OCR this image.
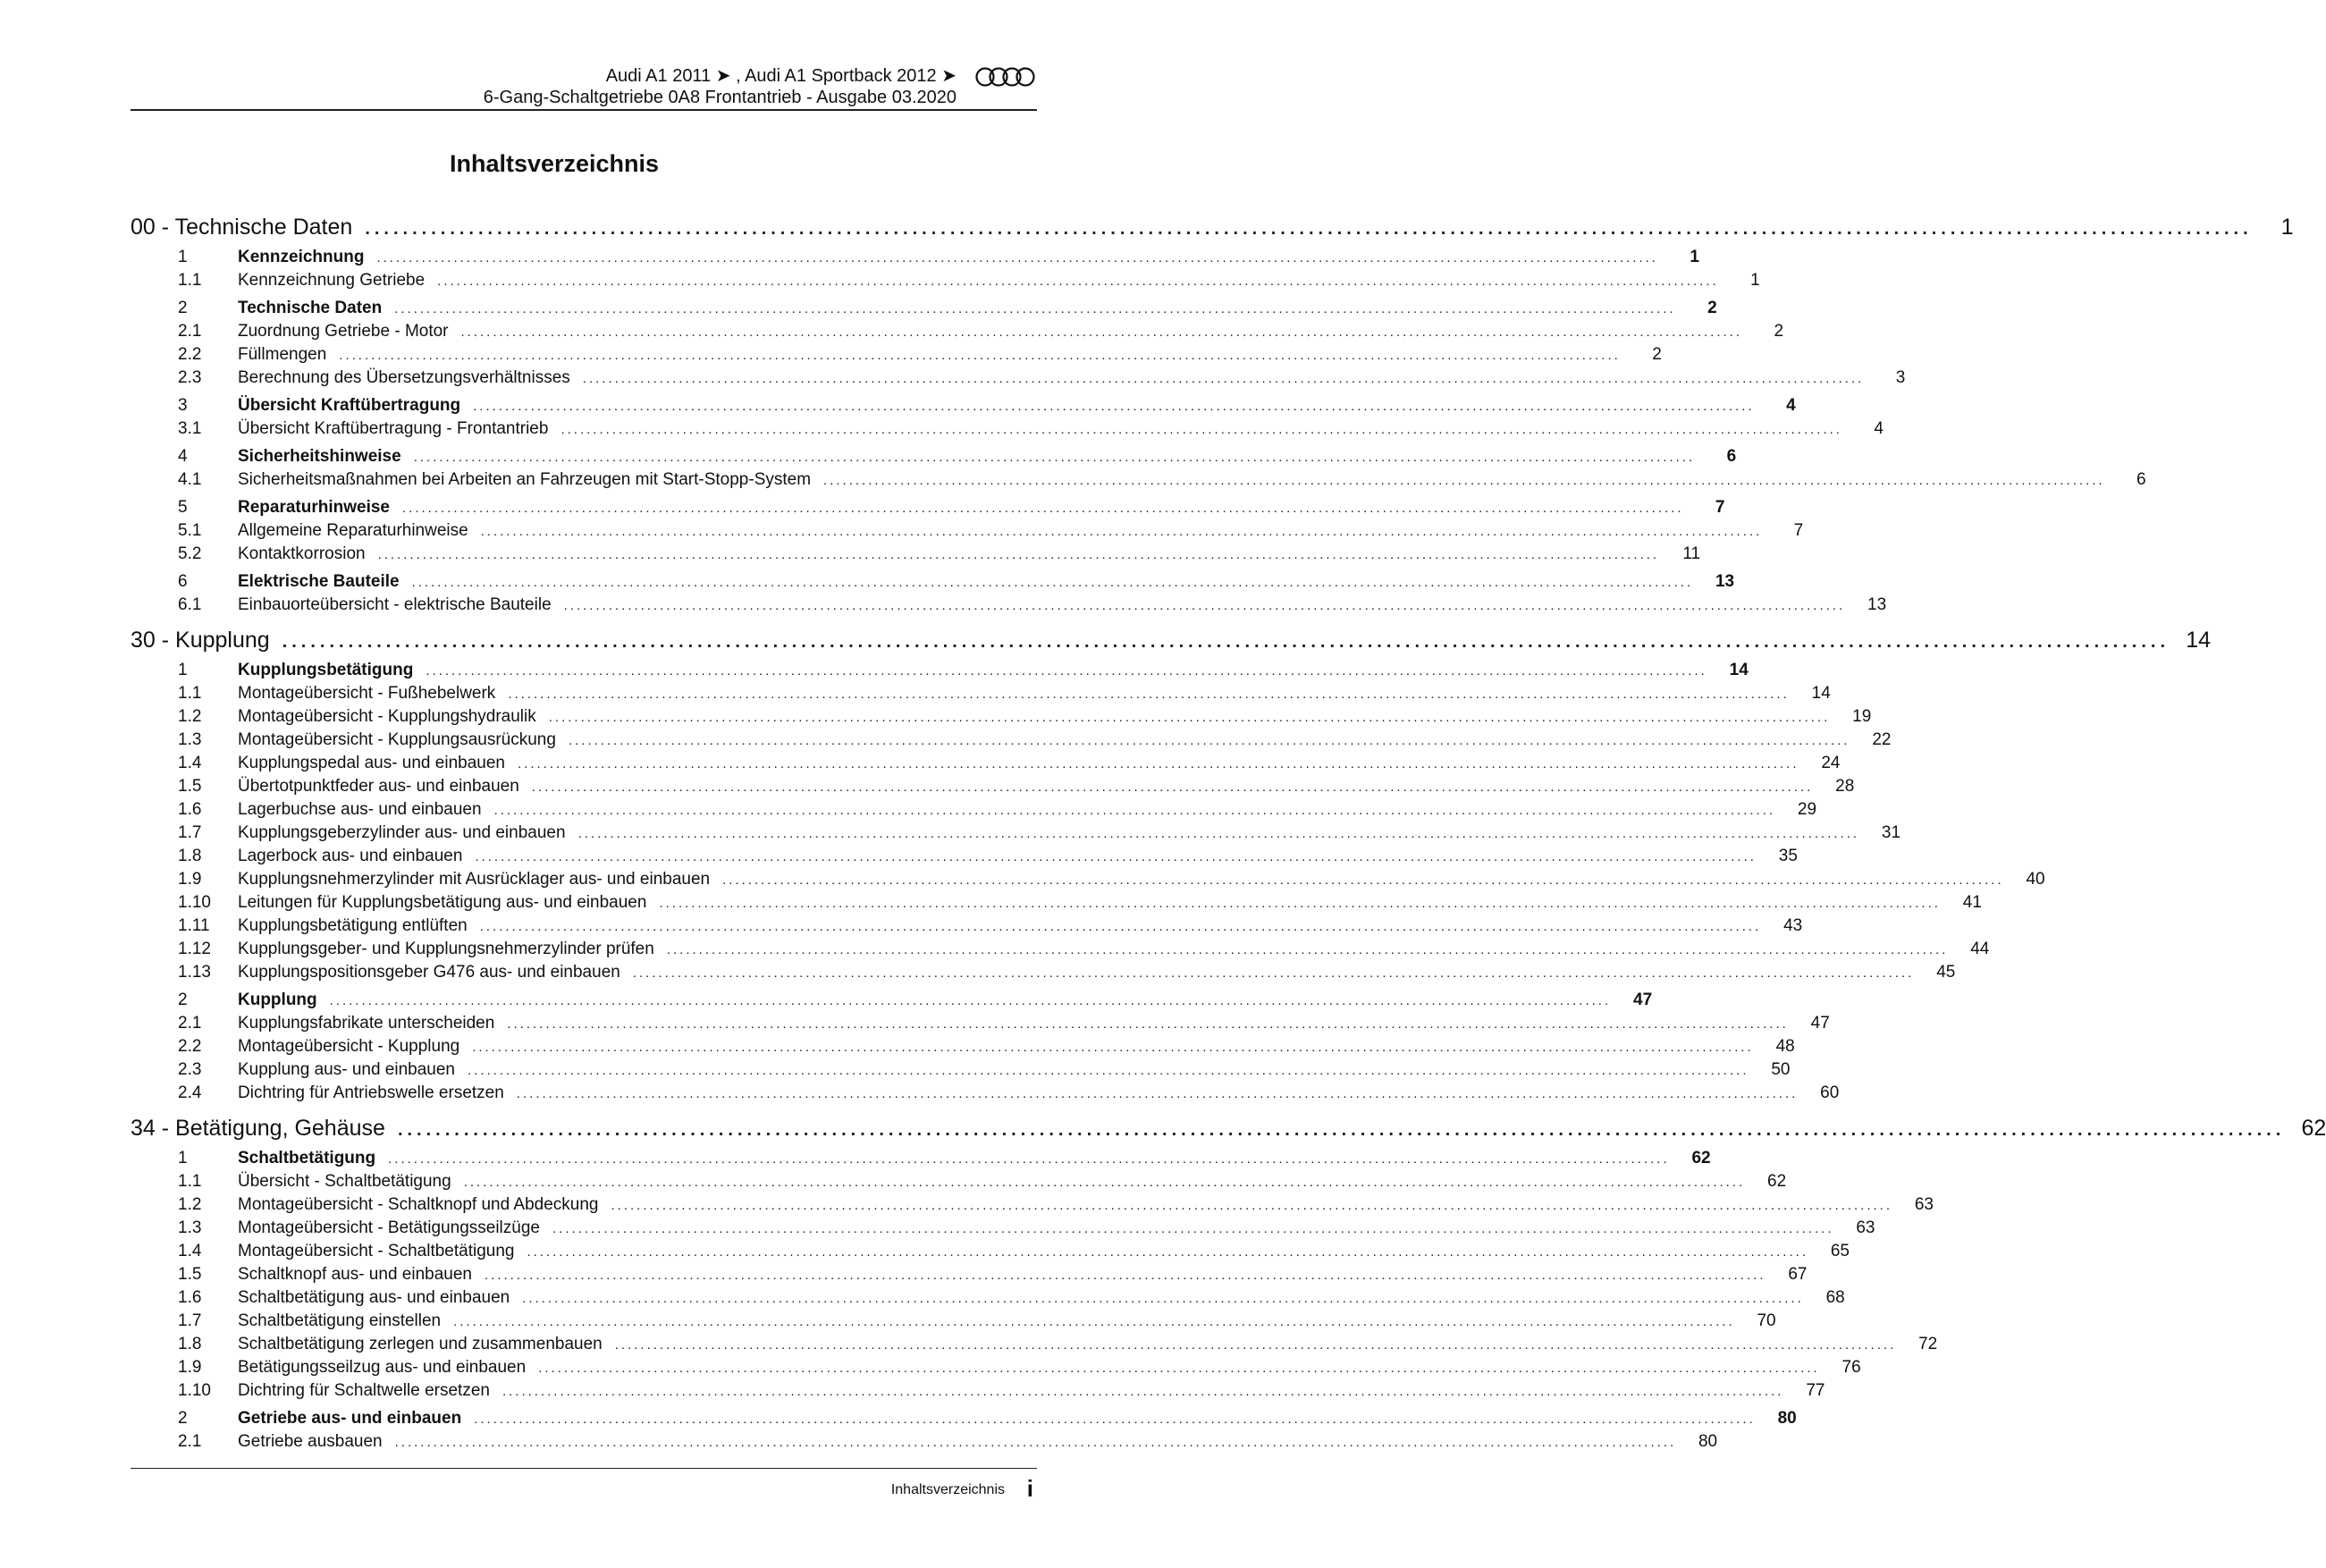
Audi A1 2011 ➤ , Audi A1 Sportback 2012 ➤
6-Gang-Schaltgetriebe 0A8 Frontantrieb - Ausgabe 03.2020
Inhaltsverzeichnis
00 - Technische Daten ........................................................................................................................................................................................................	1
1	Kennzeichnung ........................................................................................................................................................................................................	1
1.1	Kennzeichnung Getriebe ........................................................................................................................................................................................................	1
2	Technische Daten ........................................................................................................................................................................................................	2
2.1	Zuordnung Getriebe - Motor ........................................................................................................................................................................................................	2
2.2	Füllmengen ........................................................................................................................................................................................................	2
2.3	Berechnung des Übersetzungsverhältnisses ........................................................................................................................................................................................................	3
3	Übersicht Kraftübertragung ........................................................................................................................................................................................................	4
3.1	Übersicht Kraftübertragung - Frontantrieb ........................................................................................................................................................................................................	4
4	Sicherheitshinweise ........................................................................................................................................................................................................	6
4.1	Sicherheitsmaßnahmen bei Arbeiten an Fahrzeugen mit Start-Stopp-System ........................................................................................................................................................................................................	6
5	Reparaturhinweise ........................................................................................................................................................................................................	7
5.1	Allgemeine Reparaturhinweise ........................................................................................................................................................................................................	7
5.2	Kontaktkorrosion ........................................................................................................................................................................................................	11
6	Elektrische Bauteile ........................................................................................................................................................................................................	13
6.1	Einbauorteübersicht - elektrische Bauteile ........................................................................................................................................................................................................	13
30 - Kupplung ........................................................................................................................................................................................................ 14
1	Kupplungsbetätigung ........................................................................................................................................................................................................	14
1.1	Montageübersicht - Fußhebelwerk ........................................................................................................................................................................................................	14
1.2	Montageübersicht - Kupplungshydraulik ........................................................................................................................................................................................................	19
1.3	Montageübersicht - Kupplungsausrückung ........................................................................................................................................................................................................	22
1.4	Kupplungspedal aus- und einbauen ........................................................................................................................................................................................................	24
1.5	Übertotpunktfeder aus- und einbauen ........................................................................................................................................................................................................	28
1.6	Lagerbuchse aus- und einbauen ........................................................................................................................................................................................................	29
1.7	Kupplungsgeberzylinder aus- und einbauen ........................................................................................................................................................................................................	31
1.8	Lagerbock aus- und einbauen ........................................................................................................................................................................................................	35
1.9	Kupplungsnehmerzylinder mit Ausrücklager aus- und einbauen ........................................................................................................................................................................................................	40
1.10	Leitungen für Kupplungsbetätigung aus- und einbauen ........................................................................................................................................................................................................	41
1.11	Kupplungsbetätigung entlüften ........................................................................................................................................................................................................	43
1.12	Kupplungsgeber- und Kupplungsnehmerzylinder prüfen ........................................................................................................................................................................................................	44
1.13	Kupplungspositionsgeber G476 aus- und einbauen ........................................................................................................................................................................................................	45
2	Kupplung ........................................................................................................................................................................................................	47
2.1	Kupplungsfabrikate unterscheiden ........................................................................................................................................................................................................	47
2.2	Montageübersicht - Kupplung ........................................................................................................................................................................................................	48
2.3	Kupplung aus- und einbauen ........................................................................................................................................................................................................	50
2.4	Dichtring für Antriebswelle ersetzen ........................................................................................................................................................................................................	60
34 - Betätigung, Gehäuse ........................................................................................................................................................................................................ 62
1	Schaltbetätigung ........................................................................................................................................................................................................	62
1.1	Übersicht - Schaltbetätigung ........................................................................................................................................................................................................	62
1.2	Montageübersicht - Schaltknopf und Abdeckung ........................................................................................................................................................................................................	63
1.3	Montageübersicht - Betätigungsseilzüge ........................................................................................................................................................................................................	63
1.4	Montageübersicht - Schaltbetätigung ........................................................................................................................................................................................................	65
1.5	Schaltknopf aus- und einbauen ........................................................................................................................................................................................................	67
1.6	Schaltbetätigung aus- und einbauen ........................................................................................................................................................................................................	68
1.7	Schaltbetätigung einstellen ........................................................................................................................................................................................................	70
1.8	Schaltbetätigung zerlegen und zusammenbauen ........................................................................................................................................................................................................	72
1.9	Betätigungsseilzug aus- und einbauen ........................................................................................................................................................................................................	76
1.10	Dichtring für Schaltwelle ersetzen ........................................................................................................................................................................................................	77
2	Getriebe aus- und einbauen ........................................................................................................................................................................................................	80
2.1	Getriebe ausbauen ........................................................................................................................................................................................................	80
Inhaltsverzeichnis i
